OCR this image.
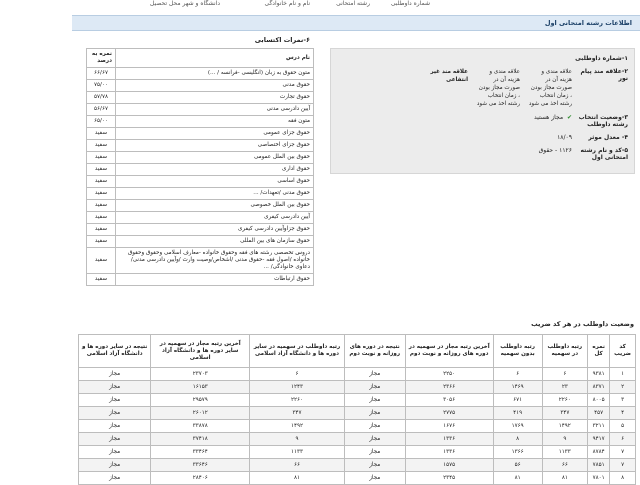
شماره داوطلبی
رشته امتحانی
نام و نام خانوادگی
دانشگاه و شهر محل تحصیل
اطلاعات رشته امتحانی اول
۶-نمرات اکتسابی
نام درس	نمره به درصد
متون حقوق به زبان (انگلیسی -فرانسه / ...)	۶۶/۶۷
حقوق مدنی	۷۵/۰۰
حقوق تجارت	۵۷/۷۸
آیین دادرسی مدنی	۵۶/۶۷
متون فقه	۶۵/۰۰
حقوق جزای عمومی	سفید
حقوق جزای اختصاصی	سفید
حقوق بین الملل عمومی	سفید
حقوق اداری	سفید
حقوق اساسی	سفید
حقوق مدنی /تعهدات/ ...	سفید
حقوق بین الملل خصوصی	سفید
آیین دادرسی کیفری	سفید
حقوق جزاوآیین دادرسی کیفری	سفید
حقوق سازمان های بین المللی	سفید
دروس تخصصی رشته های فقه وحقوق خانواده -معارف اسلامی وحقوق وحقوق خانواده /اصول فقه -حقوق مدنی /اشخاص/وصیت وارث /وآیین دادرسی مدنی/دعاوی خانوادگی/ ...	سفید
حقوق ارتباطات	سفید
۱-شماره داوطلبی
۲-علاقه مند پیام نور
علاقه مندی و هزینه آن در صورت مجاز بودن ، زمان انتخاب رشته اخذ می شود
علاقه مندی و هزینه آن در صورت مجاز بودن ، زمان انتخاب رشته اخذ می شود
علاقه مند غیر انتفاعی
۳-وضعیت انتخاب رشته داوطلب
✔ مجاز هستید
۴- معدل موثر
۱۸/۰۹
۵-کد و نام رشته امتحانی اول
۱۱۲۶ - حقوق
وضعیت داوطلب در هر کد ضریب
کد ضریب	نمره کل	رتبه داوطلب در سهمیه	رتبه داوطلب بدون سهمیه	آخرین رتبه مجاز در سهمیه در دوره های روزانه و نوبت دوم	نتیجه در دوره های روزانه و نوبت دوم	رتبه داوطلب در سهمیه در سایر دوره ها و دانشگاه آزاد اسلامی	آخرین رتبه مجاز در سهمیه در سایر دوره ها و دانشگاه آزاد اسلامی	نتیجه در سایر دوره ها و دانشگاه آزاد اسلامی
۱	۹۳۸۱	۶	۶	۲۲۵۰	مجاز	۶	۲۳۷۰۳	مجاز
۲	۸۳۷۱	۲۳	۱۴۶۹	۲۳۶۶	مجاز	۱۲۴۳	۱۶۱۵۳	مجاز
۳	۸۰۰۵	۲۲۶۰	۶۷۱	۳۰۵۶	مجاز	۲۲۶۰	۲۹۵۷۹	مجاز
۴	۴۵۷	۳۴۷	۴۱۹	۲۷۷۵	مجاز	۳۴۷	۲۶۰۱۲	مجاز
۵	۳۲۱۱	۱۴۹۲	۱۷۶۹	۱۶۷۶	مجاز	۱۴۹۲	۳۳۸۷۸	مجاز
۶	۹۴۱۷	۹	۸	۱۳۳۶	مجاز	۹	۳۷۴۱۸	مجاز
۷	۸۷۸۴	۱۱۳۳	۱۳۶۶	۱۳۳۶	مجاز	۱۱۳۳	۳۳۴۶۴	مجاز
۷	۷۸۵۱	۶۶	۵۶	۱۵۷۵	مجاز	۶۶	۳۳۶۴۶	مجاز
۸	۷۸۰۱	۸۱	۸۱	۲۳۴۵	مجاز	۸۱	۲۸۴۰۶	مجاز
